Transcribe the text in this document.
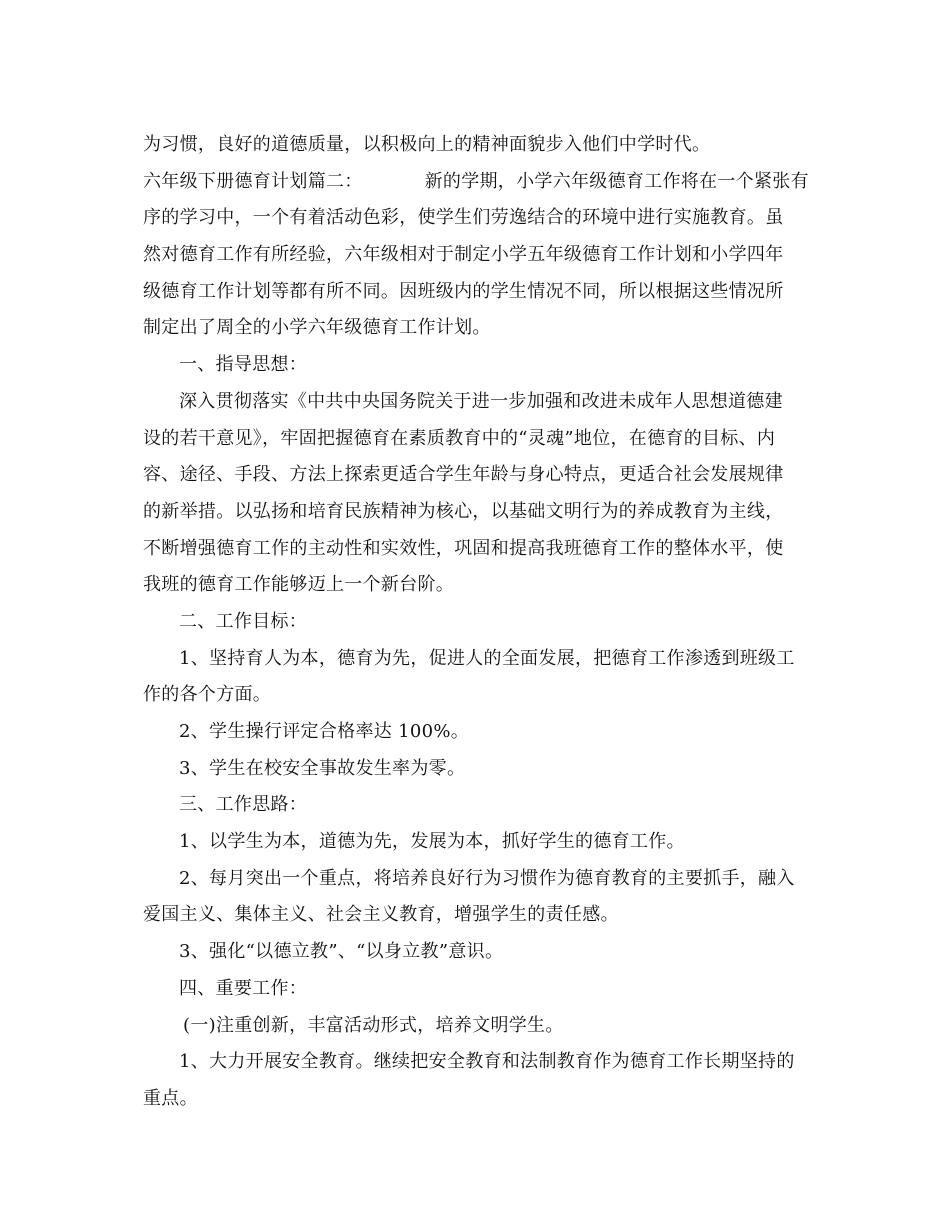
为习惯，良好的道德质量，以积极向上的精神面貌步入他们中学时代。
六年级下册德育计划篇二：	新的学期，小学六年级德育工作将在一个紧张有
序的学习中，一个有着活动色彩，使学生们劳逸结合的环境中进行实施教育。虽
然对德育工作有所经验，六年级相对于制定小学五年级德育工作计划和小学四年
级德育工作计划等都有所不同。因班级内的学生情况不同，所以根据这些情况所
制定出了周全的小学六年级德育工作计划。
一、指导思想：
深入贯彻落实《中共中央国务院关于进一步加强和改进未成年人思想道德建
设的若干意见》，牢固把握德育在素质教育中的“灵魂”地位，在德育的目标、内
容、途径、手段、方法上探索更适合学生年龄与身心特点，更适合社会发展规律
的新举措。以弘扬和培育民族精神为核心，以基础文明行为的养成教育为主线，
不断增强德育工作的主动性和实效性，巩固和提高我班德育工作的整体水平，使
我班的德育工作能够迈上一个新台阶。
二、工作目标：
1、坚持育人为本，德育为先，促进人的全面发展，把德育工作渗透到班级工
作的各个方面。
2、学生操行评定合格率达 100%。
3、学生在校安全事故发生率为零。
三、工作思路：
1、以学生为本，道德为先，发展为本，抓好学生的德育工作。
2、每月突出一个重点，将培养良好行为习惯作为德育教育的主要抓手，融入
爱国主义、集体主义、社会主义教育，增强学生的责任感。
3、强化“以德立教”、“以身立教”意识。
四、重要工作：
(一)注重创新，丰富活动形式，培养文明学生。
1、大力开展安全教育。继续把安全教育和法制教育作为德育工作长期坚持的
重点。
